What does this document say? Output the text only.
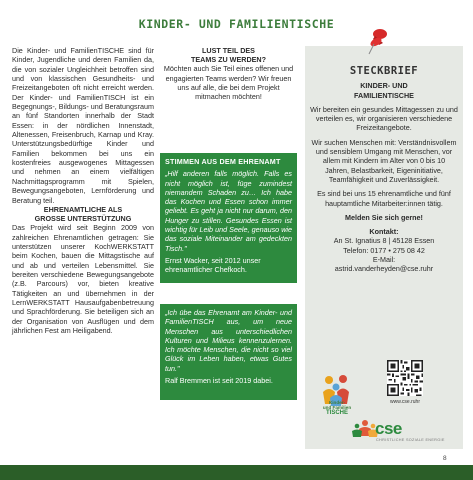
KINDER- UND FAMILIENTISCHE

Die Kinder- und FamilienTISCHE sind für Kinder, Jugendliche und deren Familien da, die von sozialer Ungleichheit betroffen sind und von klassischen Gesundheits- und Freizeitangeboten oft nicht erreicht werden. Der Kinder- und FamilienTISCH ist ein Begegnungs-, Bildungs- und Beratungsraum an fünf Standorten innerhalb der Stadt Essen: in der nördlichen Innenstadt, Altenessen, Freisenbruch, Karnap und Kray. Unterstützungsbedürftige Kinder und Familien bekommen bei uns ein kostenfreies ausgewogenes Mittagessen und nehmen an einem vielfältigen Nachmittagsprogramm mit Spielen, Bewegungsangeboten, Lernförderung und Beratung teil.

EHRENAMTLICHE ALS
GROSSE UNTERSTÜTZUNG

Das Projekt wird seit Beginn 2009 von zahlreichen Ehrenamtlichen getragen: Sie unterstützen unserer KochWERKSTATT beim Kochen, bauen die Mittagstische auf und ab und verteilen Lebensmittel. Sie bereiten verschiedene Bewegungsangebote (z.B. Parcours) vor, bieten kreative Tätigkeiten an und übernehmen in der LernWERKSTATT Hausaufgabenbetreuung und Sprachförderung. Sie beteiligen sich an der Organisation von Ausflügen und dem jährlichen Fest am Heiligabend.

LUST TEIL DES
TEAMS ZU WERDEN?

Möchten auch Sie Teil eines offenen und engagierten Teams werden? Wir freuen uns auf alle, die bei dem Projekt mitmachen möchten!

STIMMEN AUS DEM EHRENAMT
„Hilf anderen falls möglich. Falls es nicht möglich ist, füge zumindest niemandem Schaden zu… Ich habe das Kochen und Essen schon immer geliebt. Es geht ja nicht nur darum, den Hunger zu stillen. Gesundes Essen ist wichtig für Leib und Seele, genauso wie das soziale Miteinander am gedeckten Tisch."
Ernst Wacker, seit 2012 unser ehrenamtlicher Chefkoch.
„Ich übe das Ehrenamt am Kinder- und FamilienTISCH aus, um neue Menschen aus unterschiedlichen Kulturen und Milieus kennenzulernen. Ich möchte Menschen, die nicht so viel Glück im Leben haben, etwas Gutes tun."
Ralf Bremmen ist seit 2019 dabei.
STECKBRIEF

KINDER- UND
FAMILIENTISCHE

Wir bereiten ein gesundes Mittagessen zu und verteilen es, wir organisieren verschiedene Freizeitangebote.

Wir suchen Menschen mit: Verständnisvollem und sensiblem Umgang mit Menschen, vor allem mit Kindern im Alter von 0 bis 10 Jahren, Belastbarkeit, Eigeninitiative, Teamfähigkeit und Zuverlässigkeit.

Es sind bei uns 15 ehrenamtliche und fünf hauptamtliche Mitarbeiter:innen tätig.

Melden Sie sich gerne!

Kontakt:
An St. Ignatius 8 | 45128 Essen
Telefon: 0177 • 275 08 42
E-Mail:
astrid.vanderheyden@cse.ruhr
Kinder-
und Familien
TISCHE
www.cse.ruhr
cse
CHRISTLICHE SOZIALE ENERGIE
8
